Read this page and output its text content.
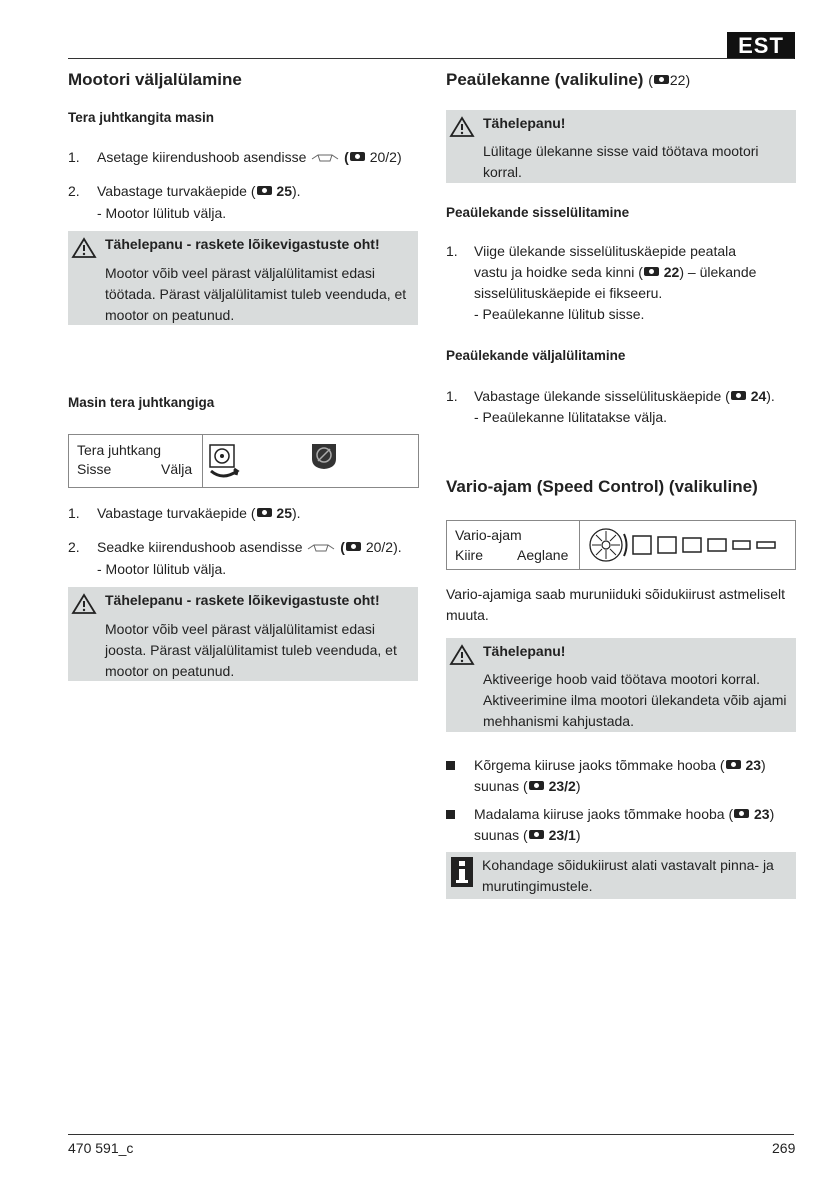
EST
Mootori väljalülamine
Tera juhtkangita masin
1. Asetage kiirendushoob asendisse	( 20/2)
2. Vabastage turvakäepide ( 25).
- Mootor lülitub välja.
Tähelepanu - raskete lõikevigastuste oht!
Mootor võib veel pärast väljalülitamist edasi
töötada. Pärast väljalülitamist tuleb veenduda, et
mootor on peatunud.
Masin tera juhtkangiga
Tera juhtkang
Sisse	Välja
1. Vabastage turvakäepide ( 25).
2. Seadke kiirendushoob asendisse	( 20/2).
- Mootor lülitub välja.
Tähelepanu - raskete lõikevigastuste oht!
Mootor võib veel pärast väljalülitamist edasi
joosta. Pärast väljalülitamist tuleb veenduda, et
mootor on peatunud.
Peaülekanne (valikuline) ( 22)
Tähelepanu!
Lülitage ülekanne sisse vaid töötava mootori
korral.
Peaülekande sisselülitamine
1. Viige ülekande sisselülituskäepide peatala
vastu ja hoidke seda kinni ( 22) – ülekande
sisselülituskäepide ei fikseeru.
- Peaülekanne lülitub sisse.
Peaülekande väljalülitamine
1. Vabastage ülekande sisselülituskäepide ( 24).
- Peaülekanne lülitatakse välja.
Vario-ajam (Speed Control) (valikuline)
Vario-ajam
Kiire Aeglane
Vario-ajamiga saab muruniiduki sõidukiirust astmeliselt
muuta.
Tähelepanu!
Aktiveerige hoob vaid töötava mootori korral.
Aktiveerimine ilma mootori ülekandeta võib ajami
mehhanismi kahjustada.
Kõrgema kiiruse jaoks tõmmake hooba ( 23)
suunas ( 23/2)
Madalama kiiruse jaoks tõmmake hooba ( 23)
suunas ( 23/1)
Kohandage sõidukiirust alati vastavalt pinna- ja
murutingimustele.
470 591_c	269
